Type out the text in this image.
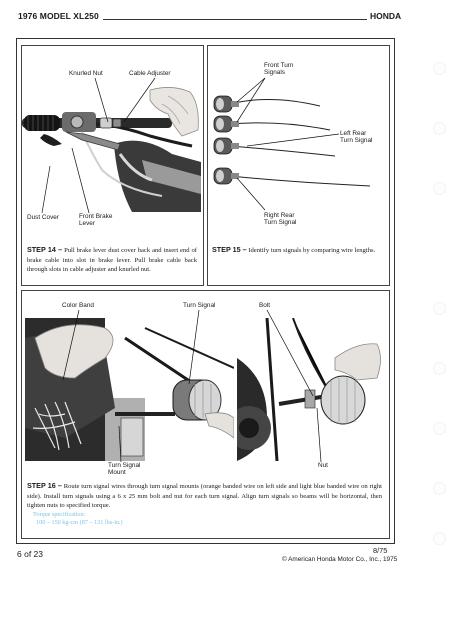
1976 MODEL XL250	HONDA
Knurled Nut	Cable Adjuster
Dust Cover	Front Brake
Lever
STEP 14 – Pull brake lever dust cover back and insert end of brake cable into slot in brake lever. Pull brake cable back through slots in cable adjuster and knurled nut.
Front Turn
Signals
Left Rear
Turn Signal
Right Rear
Turn Signal
STEP 15 – Identify turn signals by comparing wire lengths.
Color Band	Turn Signal	Bolt
Turn Signal
Mount
Nut
STEP 16 – Route turn signal wires through turn signal mounts (orange banded wire on left side and light blue banded wire on right side). Install turn signals using a 6 x 25 mm bolt and nut for each turn signal. Align turn signals so beams will be horizontal, then tighten nuts to specified torque.
Torque specification:
100 – 150 kg-cm (87 – 131 lbs-in.)
6 of 23	8/75
© American Honda Motor Co., Inc., 1975
